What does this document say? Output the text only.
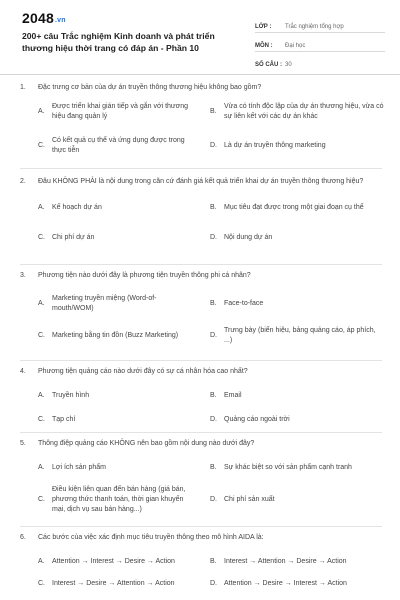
2048.vn
200+ câu Trắc nghiệm Kinh doanh và phát triển thương hiệu thời trang có đáp án - Phần 10
LỚP :	Trắc nghiệm tổng hợp
MÔN :	Đại học
SỐ CÂU : 30
1. Đặc trưng cơ bản của dự án truyền thông thương hiệu không bao gồm?
A.
Được triển khai gián tiếp và gắn với thương hiệu đang quản lý
B.
Vừa có tính độc lập của dự án thương hiệu, vừa có sự liên kết với các dự án khác
C.
Có kết quả cụ thể và ứng dụng được trong thực tiễn
D.	Là dự án truyền thông marketing
2. Đâu KHÔNG PHẢI là nội dung trong căn cứ đánh giá kết quả triển khai dự án truyền thông thương hiệu?
A.	Kế hoạch dự án	B.	Mục tiêu đạt được trong một giai đoạn cụ thể
C.	Chi phí dự án	D.	Nội dung dự án
3. Phương tiện nào dưới đây là phương tiện truyền thông phi cá nhân?
A.
Marketing truyền miệng (Word-of-mouth/WOM)
B.	Face-to-face
C.	Marketing bằng tin đồn (Buzz Marketing)	D.
Trưng bày (biển hiệu, bảng quảng cáo, áp phích, ...)
4. Phương tiện quảng cáo nào dưới đây có sự cá nhân hóa cao nhất?
A.	Truyền hình	B.	Email
C.	Tạp chí	D.	Quảng cáo ngoài trời
5. Thông điệp quảng cáo KHÔNG nên bao gồm nội dung nào dưới đây?
A.	Lợi ích sản phẩm	B.	Sự khác biệt so với sản phẩm cạnh tranh
C.
Điều kiện liên quan đến bán hàng (giá bán, phương thức thanh toán, thời gian khuyến mại, dịch vụ sau bán hàng...)
D.	Chi phí sản xuất
6. Các bước của việc xác định mục tiêu truyền thông theo mô hình AIDA là:
A.	Attention → Interest → Desire → Action	B.	Interest → Attention → Desire → Action
C.	Interest → Desire → Attention → Action	D.	Attention → Desire → Interest → Action
